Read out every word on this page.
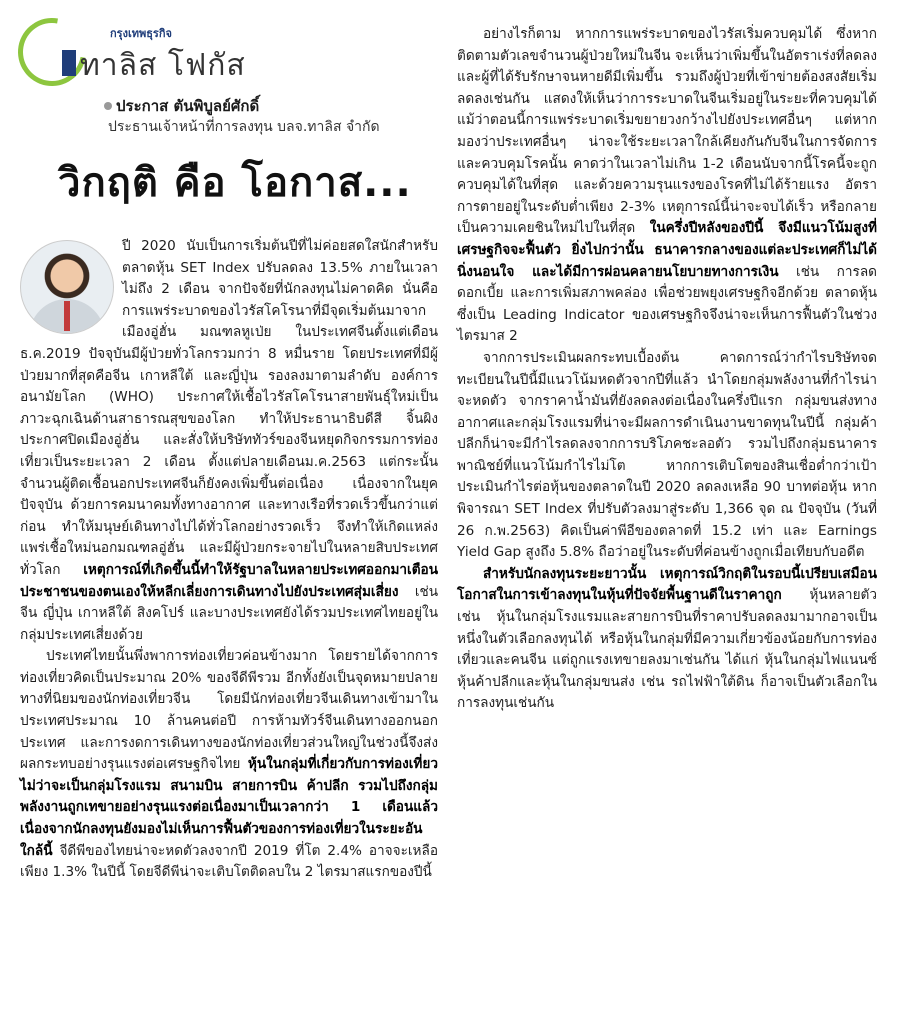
กรุงเทพธุรกิจ
ทาลิส โฟกัส
ประกาส ตันพิบูลย์ศักดิ์
ประธานเจ้าหน้าที่การลงทุน บลจ.ทาลิส จำกัด
วิกฤติ คือ โอกาส...

ปี 2020 นับเป็นการเริ่มต้นปีที่ไม่ค่อยสดใสนักสำหรับตลาดหุ้น SET Index ปรับลดลง 13.5% ภายในเวลาไม่ถึง 2 เดือน จากปัจจัยที่นักลงทุนไม่คาดคิด นั่นคือ การแพร่ระบาดของไวรัสโคโรนาที่มีจุดเริ่มต้นมาจากเมืองอู่ฮั่น มณฑลหูเป่ย ในประเทศจีนตั้งแต่เดือนธ.ค.2019 ปัจจุบันมีผู้ป่วยทั่วโลกรวมกว่า 8 หมื่นราย โดยประเทศที่มีผู้ป่วยมากที่สุดคือจีน เกาหลีใต้ และญี่ปุ่น รองลงมาตามลำดับ องค์การอนามัยโลก (WHO) ประกาศให้เชื้อไวรัสโคโรนาสายพันธุ์ใหม่เป็นภาวะฉุกเฉินด้านสาธารณสุขของโลก ทำให้ประธานาธิบดีสี จิ้นผิงประกาศปิดเมืองอู่ฮั่น และสั่งให้บริษัททัวร์ของจีนหยุดกิจกรรมการท่องเที่ยวเป็นระยะเวลา 2 เดือน ตั้งแต่ปลายเดือนม.ค.2563 แต่กระนั้น จำนวนผู้ติดเชื้อนอกประเทศจีนก็ยังคงเพิ่มขึ้นต่อเนื่อง เนื่องจากในยุคปัจจุบัน ด้วยการคมนาคมทั้งทางอากาศ และทางเรือที่รวดเร็วขึ้นกว่าแต่ก่อน ทำให้มนุษย์เดินทางไปได้ทั่วโลกอย่างรวดเร็ว จึงทำให้เกิดแหล่งแพร่เชื้อใหม่นอกมณฑลอู่ฮั่น และมีผู้ป่วยกระจายไปในหลายสิบประเทศทั่วโลก เหตุการณ์ที่เกิดขึ้นนี้ทำให้รัฐบาลในหลายประเทศออกมาเตือนประชาชนของตนเองให้หลีกเลี่ยงการเดินทางไปยังประเทศสุ่มเสี่ยง เช่น จีน ญี่ปุ่น เกาหลีใต้ สิงคโปร์ และบางประเทศยังได้รวมประเทศไทยอยู่ในกลุ่มประเทศเสี่ยงด้วย

ประเทศไทยนั้นพึ่งพาการท่องเที่ยวค่อนข้างมาก โดยรายได้จากการท่องเที่ยวคิดเป็นประมาณ 20% ของจีดีพีรวม อีกทั้งยังเป็นจุดหมายปลายทางที่นิยมของนักท่องเที่ยวจีน โดยมีนักท่องเที่ยวจีนเดินทางเข้ามาในประเทศประมาณ 10 ล้านคนต่อปี การห้ามทัวร์จีนเดินทางออกนอกประเทศ และการงดการเดินทางของนักท่องเที่ยวส่วนใหญ่ในช่วงนี้จึงส่งผลกระทบอย่างรุนแรงต่อเศรษฐกิจไทย หุ้นในกลุ่มที่เกี่ยวกับการท่องเที่ยว ไม่ว่าจะเป็นกลุ่มโรงแรม สนามบิน สายการบิน ค้าปลีก รวมไปถึงกลุ่มพลังงานถูกเทขายอย่างรุนแรงต่อเนื่องมาเป็นเวลากว่า 1 เดือนแล้ว เนื่องจากนักลงทุนยังมองไม่เห็นการฟื้นตัวของการท่องเที่ยวในระยะอันใกล้นี้ จีดีพีของไทยน่าจะหดตัวลงจากปี 2019 ที่โต 2.4% อาจจะเหลือเพียง 1.3% ในปีนี้ โดยจีดีพีน่าจะเติบโตติดลบใน 2 ไตรมาสแรกของปีนี้

อย่างไรก็ตาม หากการแพร่ระบาดของไวรัสเริ่มควบคุมได้ ซึ่งหากติดตามตัวเลขจำนวนผู้ป่วยใหม่ในจีน จะเห็นว่าเพิ่มขึ้นในอัตราเร่งที่ลดลง และผู้ที่ได้รับรักษาจนหายดีมีเพิ่มขึ้น รวมถึงผู้ป่วยที่เข้าข่ายต้องสงสัยเริ่มลดลงเช่นกัน แสดงให้เห็นว่าการระบาดในจีนเริ่มอยู่ในระยะที่ควบคุมได้ แม้ว่าตอนนี้การแพร่ระบาดเริ่มขยายวงกว้างไปยังประเทศอื่นๆ แต่หากมองว่าประเทศอื่นๆ น่าจะใช้ระยะเวลาใกล้เคียงกันกับจีนในการจัดการและควบคุมโรคนั้น คาดว่าในเวลาไม่เกิน 1-2 เดือนนับจากนี้โรคนี้จะถูกควบคุมได้ในที่สุด และด้วยความรุนแรงของโรคที่ไม่ได้ร้ายแรง อัตราการตายอยู่ในระดับต่ำเพียง 2-3% เหตุการณ์นี้น่าจะจบได้เร็ว หรือกลายเป็นความเคยชินใหม่ไปในที่สุด ในครึ่งปีหลังของปีนี้ จึงมีแนวโน้มสูงที่เศรษฐกิจจะฟื้นตัว ยิ่งไปกว่านั้น ธนาคารกลางของแต่ละประเทศก็ไม่ได้นิ่งนอนใจ และได้มีการผ่อนคลายนโยบายทางการเงิน เช่น การลดดอกเบี้ย และการเพิ่มสภาพคล่อง เพื่อช่วยพยุงเศรษฐกิจอีกด้วย ตลาดหุ้นซึ่งเป็น Leading Indicator ของเศรษฐกิจจึงน่าจะเห็นการฟื้นตัวในช่วงไตรมาส 2

จากการประเมินผลกระทบเบื้องต้น คาดการณ์ว่ากำไรบริษัทจดทะเบียนในปีนี้มีแนวโน้มหดตัวจากปีที่แล้ว นำโดยกลุ่มพลังงานที่กำไรน่าจะหดตัว จากราคาน้ำมันที่ยังลดลงต่อเนื่องในครึ่งปีแรก กลุ่มขนส่งทางอากาศและกลุ่มโรงแรมที่น่าจะมีผลการดำเนินงานขาดทุนในปีนี้ กลุ่มค้าปลีกก็น่าจะมีกำไรลดลงจากการบริโภคชะลอตัว รวมไปถึงกลุ่มธนาคารพาณิชย์ที่แนวโน้มกำไรไม่โต หากการเติบโตของสินเชื่อต่ำกว่าเป้า ประเมินกำไรต่อหุ้นของตลาดในปี 2020 ลดลงเหลือ 90 บาทต่อหุ้น หากพิจารณา SET Index ที่ปรับตัวลงมาสู่ระดับ 1,366 จุด ณ ปัจจุบัน (วันที่ 26 ก.พ.2563) คิดเป็นค่าพีอีของตลาดที่ 15.2 เท่า และ Earnings Yield Gap สูงถึง 5.8% ถือว่าอยู่ในระดับที่ค่อนข้างถูกเมื่อเทียบกับอดีต

สำหรับนักลงทุนระยะยาวนั้น เหตุการณ์วิกฤติในรอบนี้เปรียบเสมือนโอกาสในการเข้าลงทุนในหุ้นที่ปัจจัยพื้นฐานดีในราคาถูก หุ้นหลายตัว เช่น หุ้นในกลุ่มโรงแรมและสายการบินที่ราคาปรับลดลงมามากอาจเป็นหนึ่งในตัวเลือกลงทุนได้ หรือหุ้นในกลุ่มที่มีความเกี่ยวข้องน้อยกับการท่องเที่ยวและคนจีน แต่ถูกแรงเทขายลงมาเช่นกัน ได้แก่ หุ้นในกลุ่มไฟแนนซ์ หุ้นค้าปลีกและหุ้นในกลุ่มขนส่ง เช่น รถไฟฟ้าใต้ดิน ก็อาจเป็นตัวเลือกในการลงทุนเช่นกัน
